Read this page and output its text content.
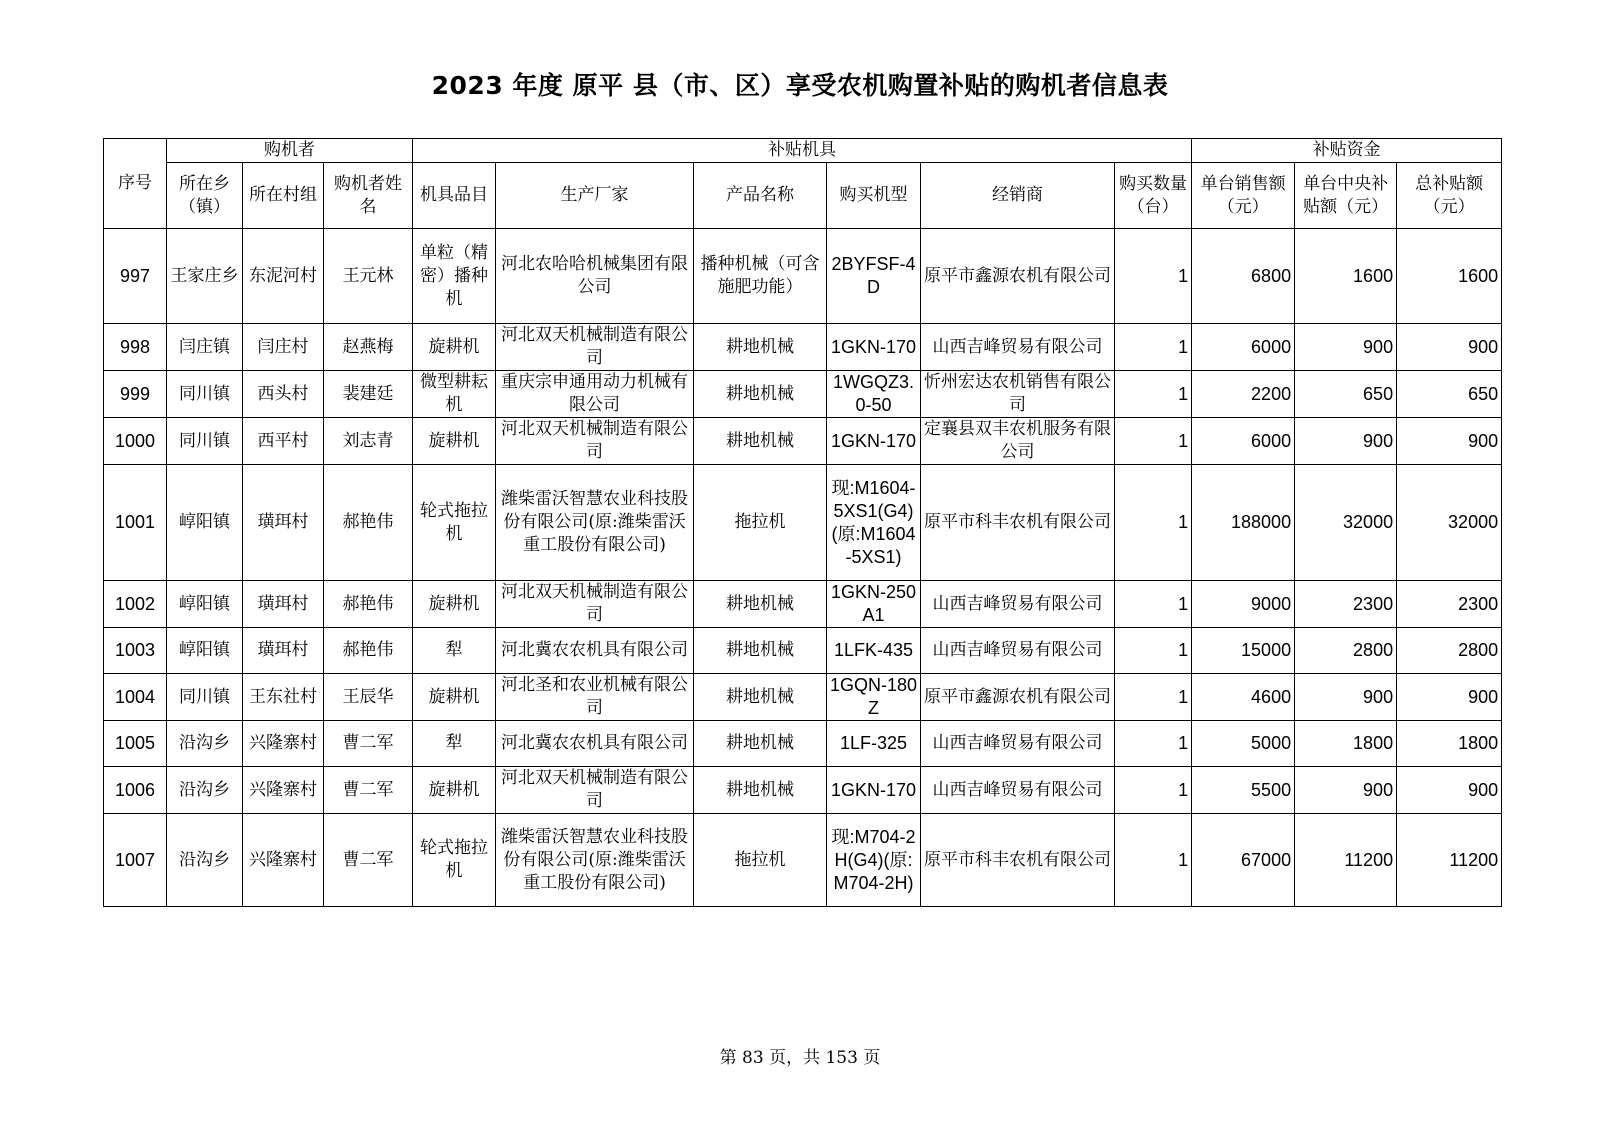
2023 年度 原平 县（市、区）享受农机购置补贴的购机者信息表
序号	购机者			补贴机具						补贴资金		
	所在乡（镇）	所在村组	购机者姓名	机具品目	生产厂家	产品名称	购买机型	经销商	购买数量（台）	单台销售额（元）	单台中央补贴额（元）	总补贴额（元）
997	王家庄乡	东泥河村	王元林	单粒（精密）播种机	河北农哈哈机械集团有限公司	播种机械（可含施肥功能）	2BYFSF-4D	原平市鑫源农机有限公司	1	6800	1600	1600
998	闫庄镇	闫庄村	赵燕梅	旋耕机	河北双天机械制造有限公司	耕地机械	1GKN-170	山西吉峰贸易有限公司	1	6000	900	900
999	同川镇	西头村	裴建廷	微型耕耘机	重庆宗申通用动力机械有限公司	耕地机械	1WGQZ3.0-50	忻州宏达农机销售有限公司	1	2200	650	650
1000	同川镇	西平村	刘志青	旋耕机	河北双天机械制造有限公司	耕地机械	1GKN-170	定襄县双丰农机服务有限公司	1	6000	900	900
1001	崞阳镇	璜珥村	郝艳伟	轮式拖拉机	潍柴雷沃智慧农业科技股份有限公司(原:潍柴雷沃重工股份有限公司)	拖拉机	现:M1604-5XS1(G4)(原:M1604-5XS1)	原平市科丰农机有限公司	1	188000	32000	32000
1002	崞阳镇	璜珥村	郝艳伟	旋耕机	河北双天机械制造有限公司	耕地机械	1GKN-250A1	山西吉峰贸易有限公司	1	9000	2300	2300
1003	崞阳镇	璜珥村	郝艳伟	犁	河北冀农农机具有限公司	耕地机械	1LFK-435	山西吉峰贸易有限公司	1	15000	2800	2800
1004	同川镇	王东社村	王辰华	旋耕机	河北圣和农业机械有限公司	耕地机械	1GQN-180Z	原平市鑫源农机有限公司	1	4600	900	900
1005	沿沟乡	兴隆寨村	曹二军	犁	河北冀农农机具有限公司	耕地机械	1LF-325	山西吉峰贸易有限公司	1	5000	1800	1800
1006	沿沟乡	兴隆寨村	曹二军	旋耕机	河北双天机械制造有限公司	耕地机械	1GKN-170	山西吉峰贸易有限公司	1	5500	900	900
1007	沿沟乡	兴隆寨村	曹二军	轮式拖拉机	潍柴雷沃智慧农业科技股份有限公司(原:潍柴雷沃重工股份有限公司)	拖拉机	现:M704-2H(G4)(原:M704-2H)	原平市科丰农机有限公司	1	67000	11200	11200
第 83 页，共 153 页
